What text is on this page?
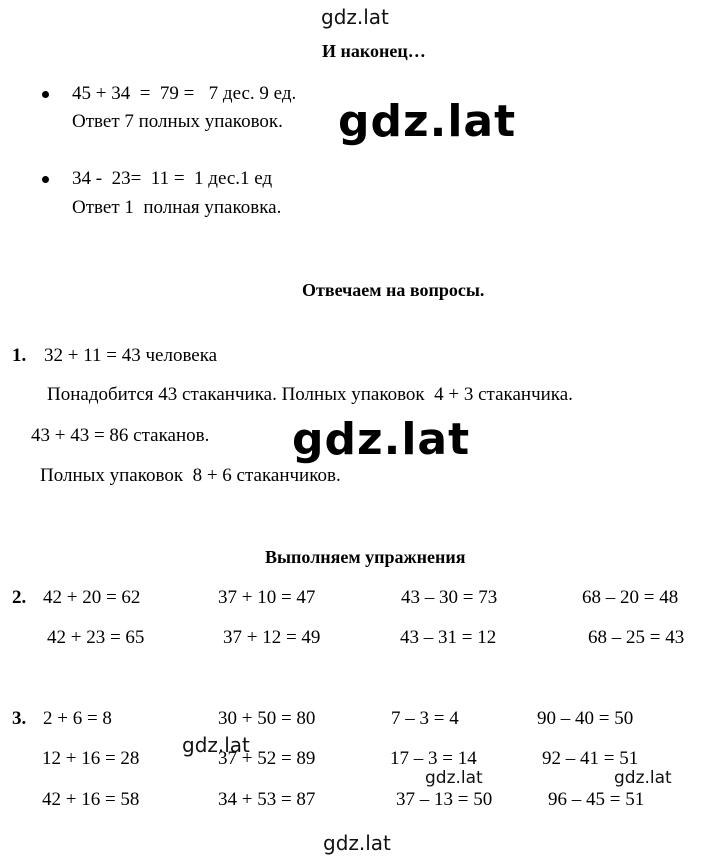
gdz.lat
gdz.lat
gdz.lat
И наконец…
45 + 34  =  79 =   7 дес. 9 ед.
Ответ 7 полных упаковок.
34 -  23=  11 =  1 дес.1 ед
Ответ 1  полная упаковка.
Отвечаем на вопросы.
1. 32 + 11 = 43 человека
Понадобится 43 стаканчика. Полных упаковок  4 + 3 стаканчика.
43 + 43 = 86 стаканов.
Полных упаковок  8 + 6 стаканчиков.
Выполняем упражнения
2. 42 + 20 = 62	37 + 10 = 47	43 – 30 = 73	68 – 20 = 48
42 + 23 = 65	37 + 12 = 49	43 – 31 = 12	68 – 25 = 43
3. 2 + 6 = 8	30 + 50 = 80	7 – 3 = 4	90 – 40 = 50
12 + 16 = 28	37 + 52 = 89	17 – 3 = 14	92 – 41 = 51
42 + 16 = 58	34 + 53 = 87	37 – 13 = 50	96 – 45 = 51
gdz.lat
gdz.lat	gdz.lat
gdz.lat
